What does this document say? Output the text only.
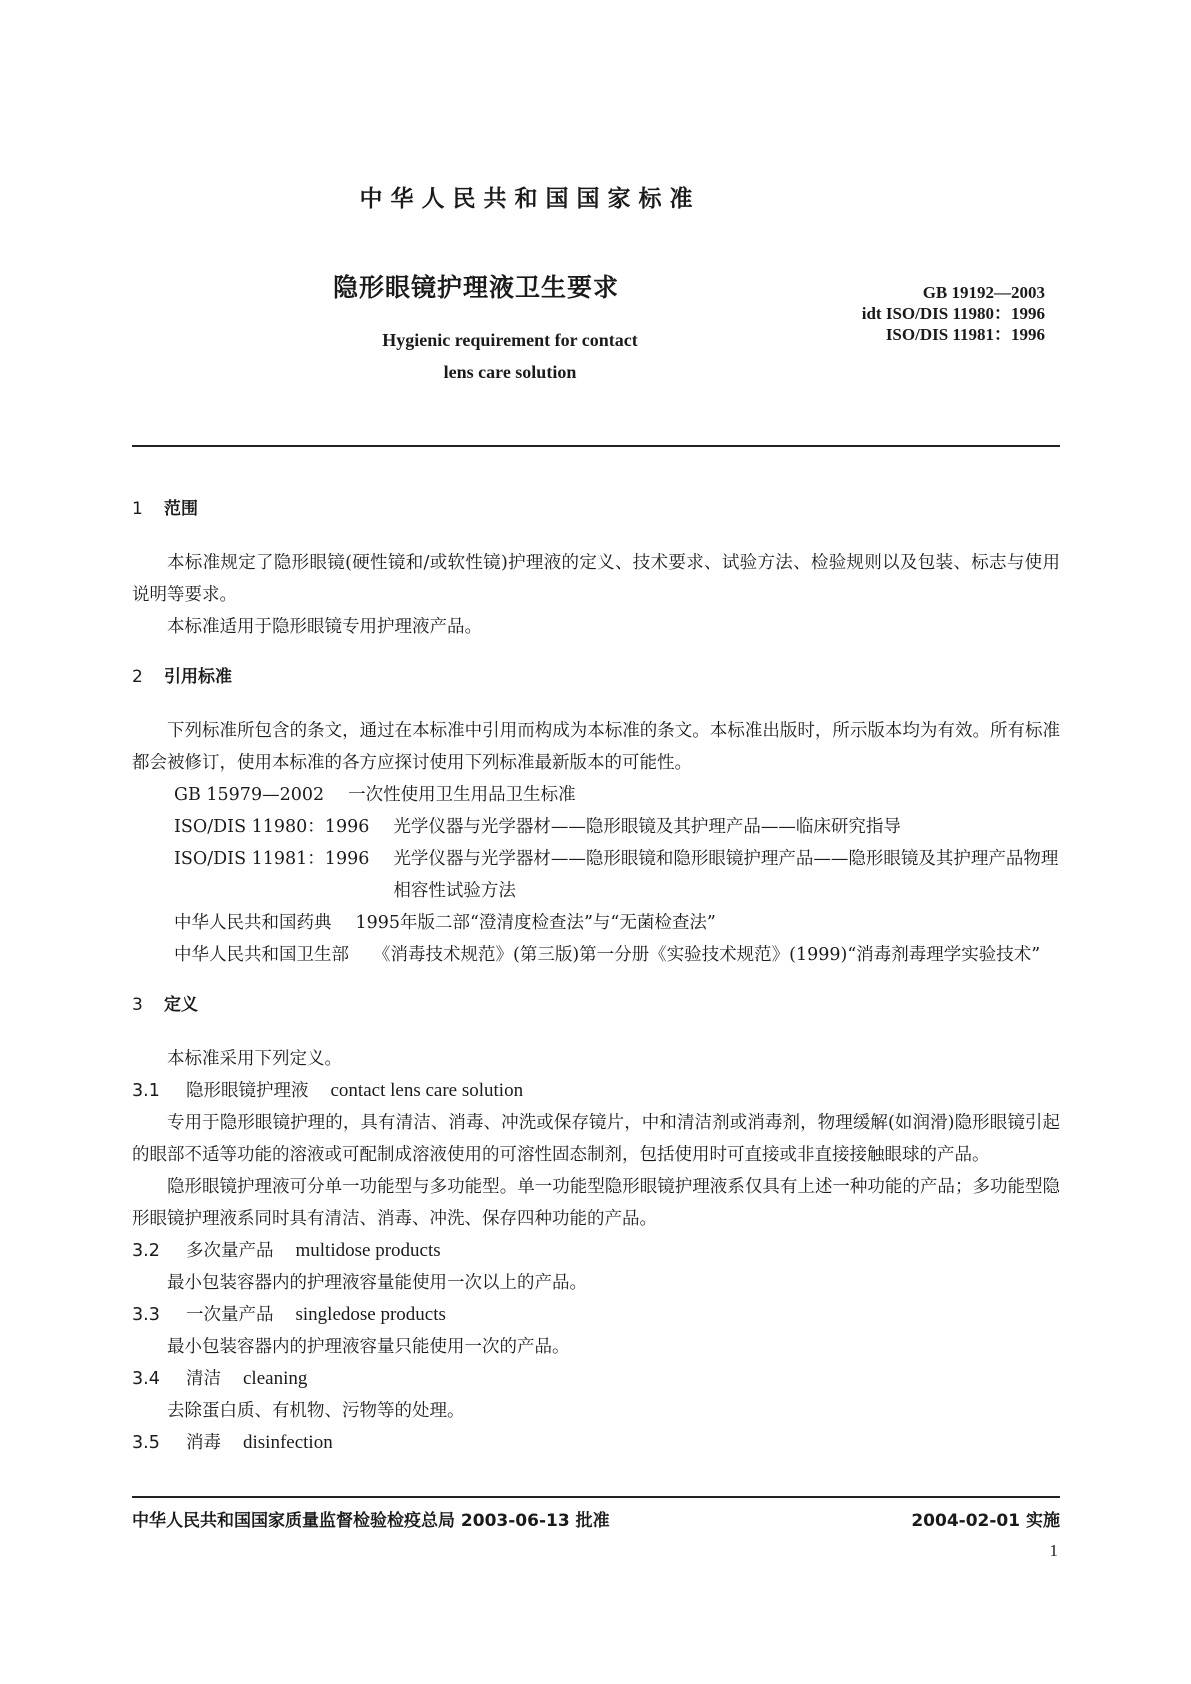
中华人民共和国国家标准
隐形眼镜护理液卫生要求
Hygienic requirement for contact
lens care solution
GB 19192—2003
idt ISO/DIS 11980：1996
ISO/DIS 11981：1996
1 范围

本标准规定了隐形眼镜(硬性镜和/或软性镜)护理液的定义、技术要求、试验方法、检验规则以及包装、标志与使用说明等要求。

本标准适用于隐形眼镜专用护理液产品。

2 引用标准

下列标准所包含的条文，通过在本标准中引用而构成为本标准的条文。本标准出版时，所示版本均为有效。所有标准都会被修订，使用本标准的各方应探讨使用下列标准最新版本的可能性。

GB 15979—2002	一次性使用卫生用品卫生标准
ISO/DIS 11980：1996	光学仪器与光学器材——隐形眼镜及其护理产品——临床研究指导
ISO/DIS 11981：1996	光学仪器与光学器材——隐形眼镜和隐形眼镜护理产品——隐形眼镜及其护理产品物理相容性试验方法
中华人民共和国药典	1995年版二部“澄清度检查法”与“无菌检查法”
中华人民共和国卫生部	《消毒技术规范》(第三版)第一分册《实验技术规范》(1999)“消毒剂毒理学实验技术”
3 定义

本标准采用下列定义。

3.1 隐形眼镜护理液 contact lens care solution

专用于隐形眼镜护理的，具有清洁、消毒、冲洗或保存镜片，中和清洁剂或消毒剂，物理缓解(如润滑)隐形眼镜引起的眼部不适等功能的溶液或可配制成溶液使用的可溶性固态制剂，包括使用时可直接或非直接接触眼球的产品。

隐形眼镜护理液可分单一功能型与多功能型。单一功能型隐形眼镜护理液系仅具有上述一种功能的产品；多功能型隐形眼镜护理液系同时具有清洁、消毒、冲洗、保存四种功能的产品。

3.2 多次量产品 multidose products

最小包装容器内的护理液容量能使用一次以上的产品。

3.3 一次量产品 singledose products

最小包装容器内的护理液容量只能使用一次的产品。

3.4 清洁 cleaning

去除蛋白质、有机物、污物等的处理。

3.5 消毒 disinfection

中华人民共和国国家质量监督检验检疫总局 2003-06-13 批准	2004-02-01 实施
1
